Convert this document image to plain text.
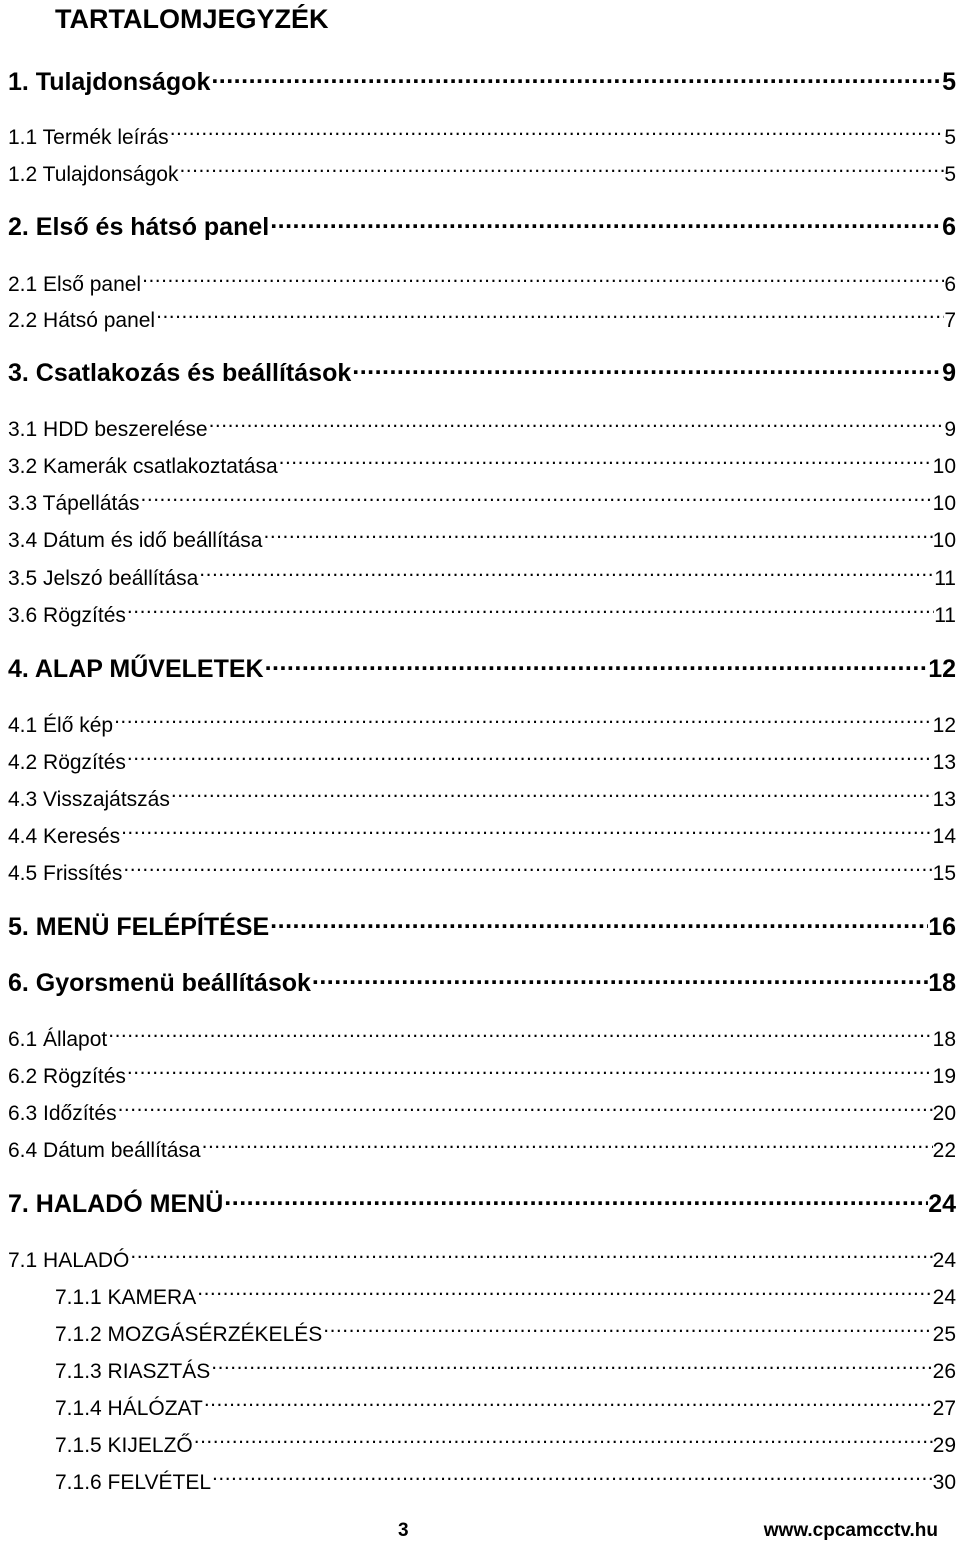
TARTALOMJEGYZÉK
1. Tulajdonságok .....	5
1.1 Termék leírás .....	5
1.2 Tulajdonságok .....	5
2. Első és hátsó panel .....	6
2.1 Első panel .....	6
2.2 Hátsó panel .....	7
3. Csatlakozás és beállítások .....	9
3.1 HDD beszerelése .....	9
3.2 Kamerák csatlakoztatása .....	10
3.3 Tápellátás .....	10
3.4 Dátum és idő beállítása .....	10
3.5 Jelszó beállítása .....	11
3.6 Rögzítés .....	11
4. ALAP MŰVELETEK .....	12
4.1 Élő kép .....	12
4.2 Rögzítés .....	13
4.3 Visszajátszás .....	13
4.4 Keresés .....	14
4.5 Frissítés .....	15
5. MENÜ FELÉPÍTÉSE .....	16
6. Gyorsmenü beállítások .....	18
6.1 Állapot .....	18
6.2 Rögzítés .....	19
6.3 Időzítés .....	20
6.4 Dátum beállítása .....	22
7. HALADÓ MENÜ .....	24
7.1 HALADÓ .....	24
7.1.1 KAMERA .....	24
7.1.2 MOZGÁSÉRZÉKELÉS .....	25
7.1.3 RIASZTÁS .....	26
7.1.4 HÁLÓZAT .....	27
7.1.5 KIJELZŐ .....	29
7.1.6 FELVÉTEL .....	30
3	www.cpcamcctv.hu
